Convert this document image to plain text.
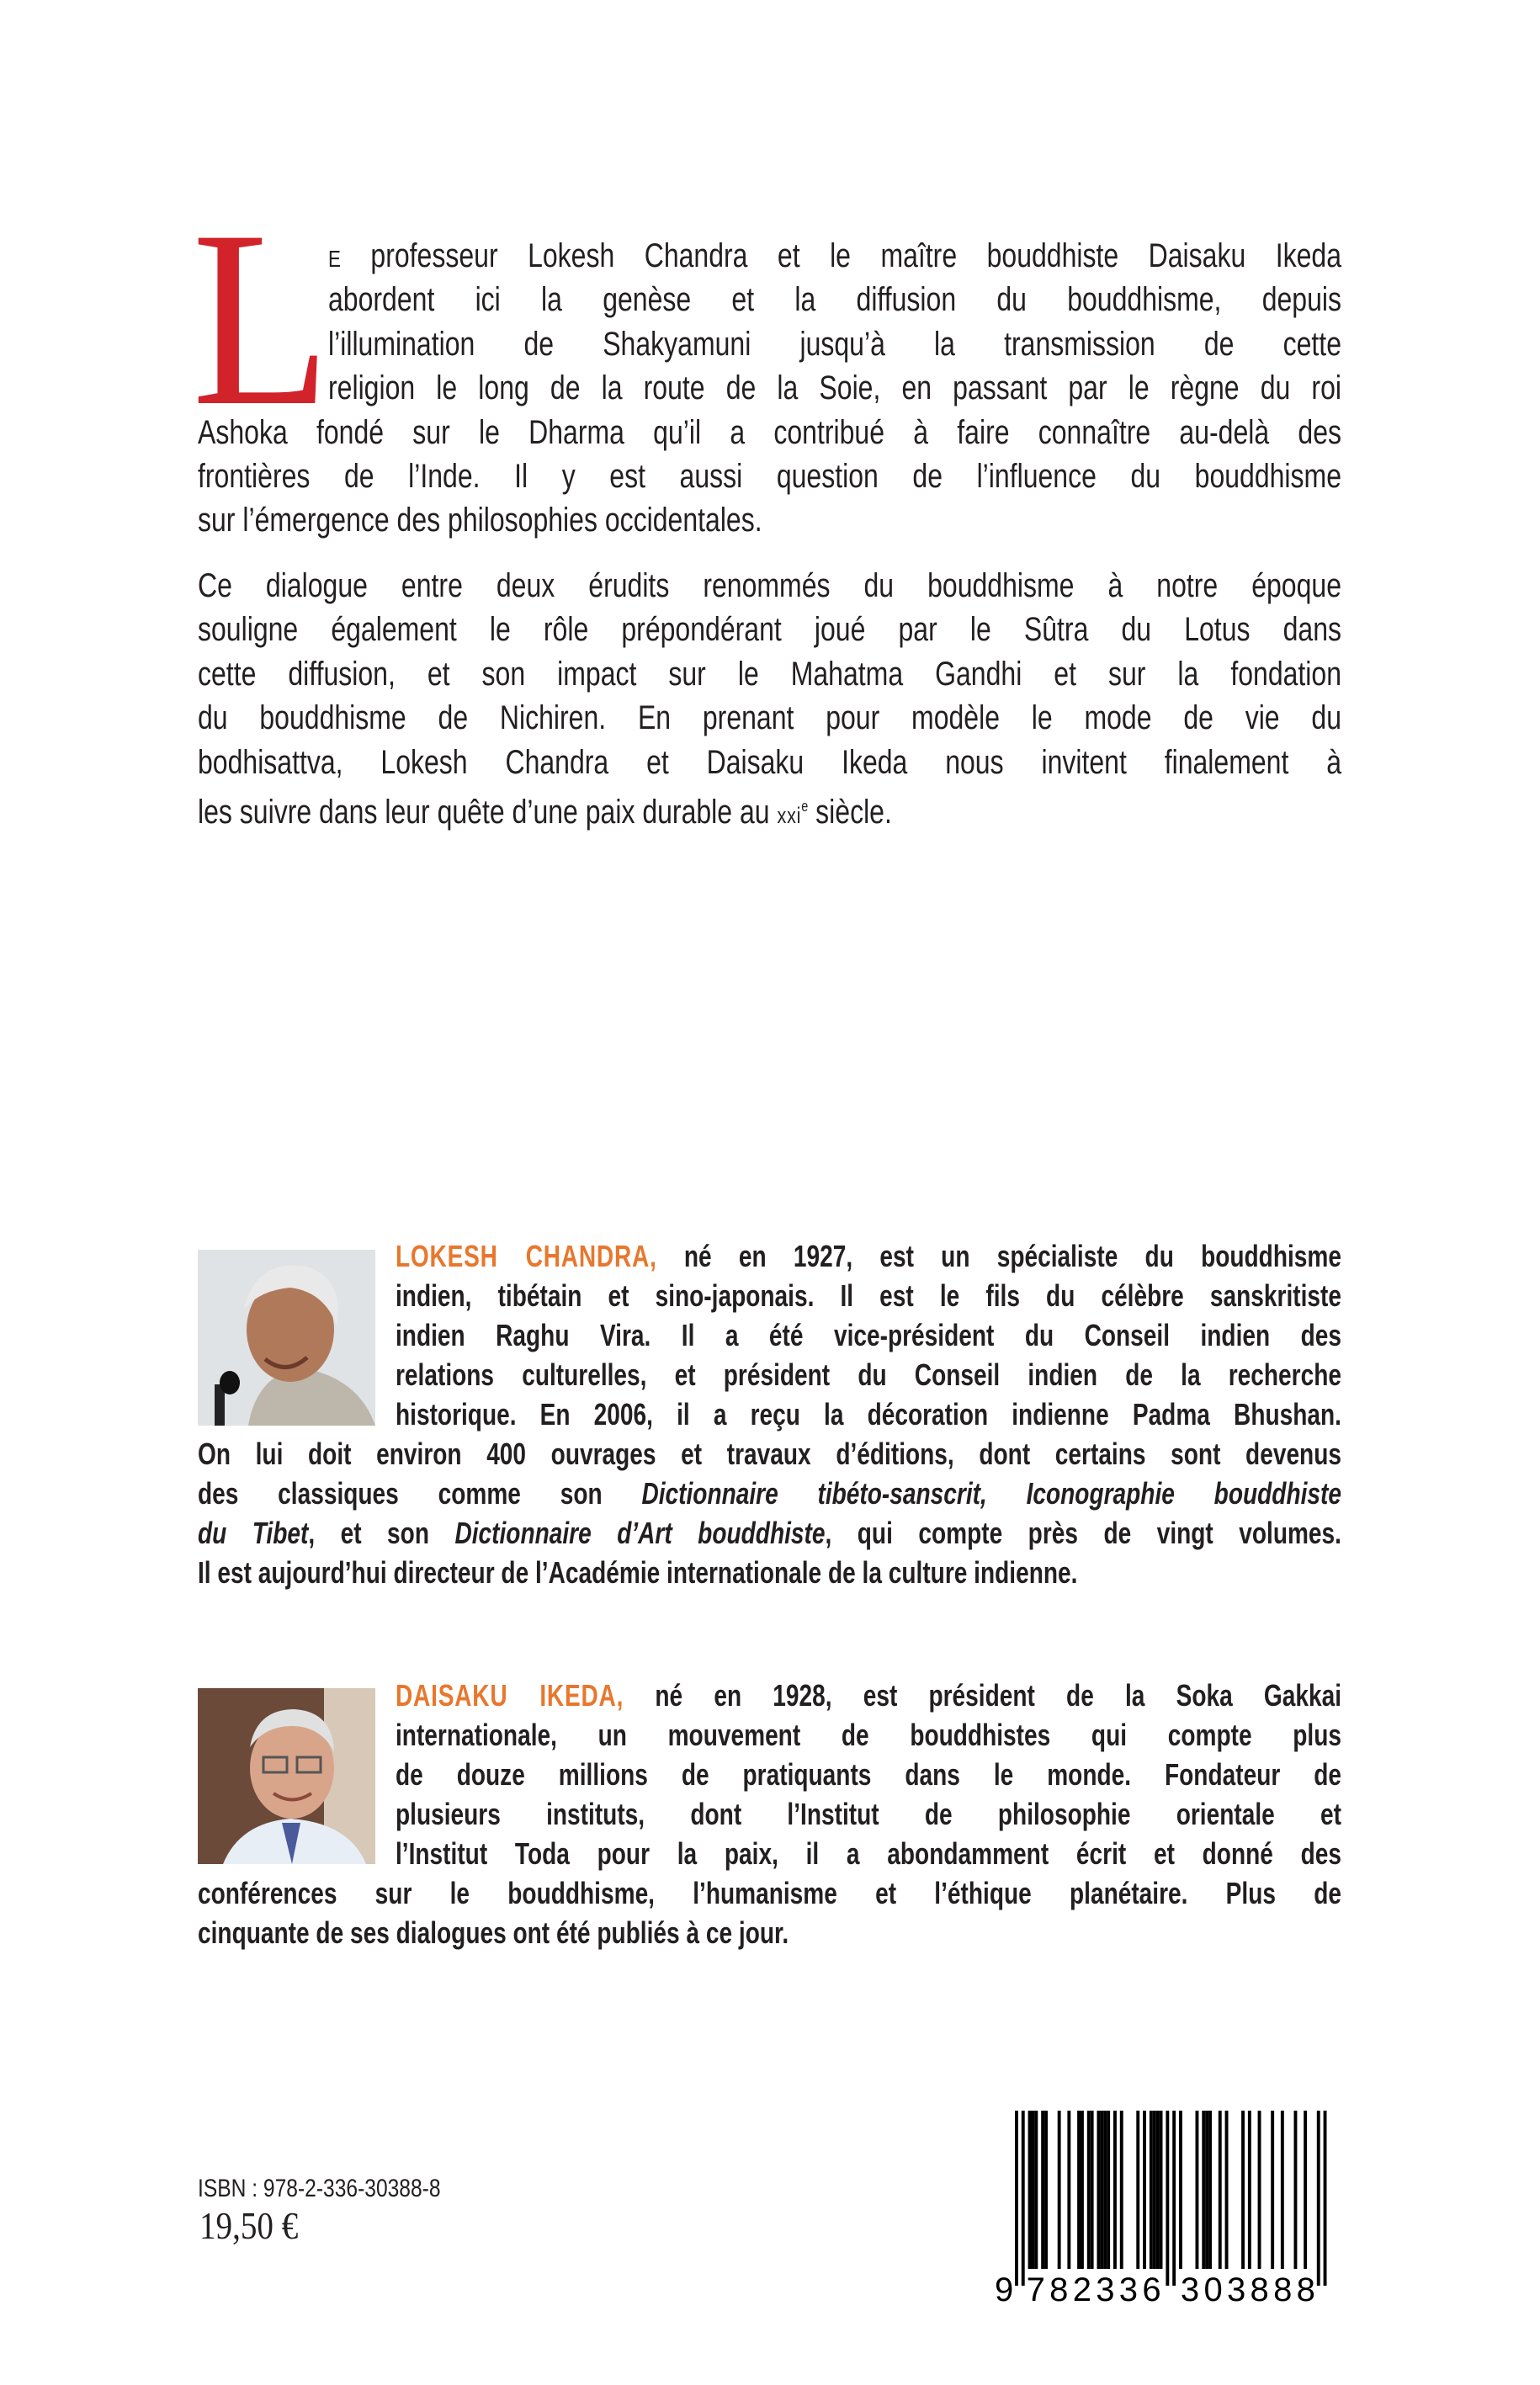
L
E professeur Lokesh Chandra et le maître bouddhiste Daisaku Ikeda
abordent ici la genèse et la diffusion du bouddhisme, depuis
l’illumination de Shakyamuni jusqu’à la transmission de cette
religion le long de la route de la Soie, en passant par le règne du roi
Ashoka fondé sur le Dharma qu’il a contribué à faire connaître au-delà des
frontières de l’Inde. Il y est aussi question de l’influence du bouddhisme
sur l’émergence des philosophies occidentales.
Ce dialogue entre deux érudits renommés du bouddhisme à notre époque
souligne également le rôle prépondérant joué par le Sûtra du Lotus dans
cette diffusion, et son impact sur le Mahatma Gandhi et sur la fondation
du bouddhisme de Nichiren. En prenant pour modèle le mode de vie du
bodhisattva, Lokesh Chandra et Daisaku Ikeda nous invitent finalement à
les suivre dans leur quête d’une paix durable au xxi$^e$ siècle.
LOKESH CHANDRA, né en 1927, est un spécialiste du bouddhisme
indien, tibétain et sino-japonais. Il est le fils du célèbre sanskritiste
indien Raghu Vira. Il a été vice-président du Conseil indien des
relations culturelles, et président du Conseil indien de la recherche
historique. En 2006, il a reçu la décoration indienne Padma Bhushan.
On lui doit environ 400 ouvrages et travaux d’éditions, dont certains sont devenus
des classiques comme son Dictionnaire tibéto-sanscrit, Iconographie bouddhiste
du Tibet, et son Dictionnaire d’Art bouddhiste, qui compte près de vingt volumes.
Il est aujourd’hui directeur de l’Académie internationale de la culture indienne.
DAISAKU IKEDA, né en 1928, est président de la Soka Gakkai
internationale, un mouvement de bouddhistes qui compte plus
de douze millions de pratiquants dans le monde. Fondateur de
plusieurs instituts, dont l’Institut de philosophie orientale et
l’Institut Toda pour la paix, il a abondamment écrit et donné des
conférences sur le bouddhisme, l’humanisme et l’éthique planétaire. Plus de
cinquante de ses dialogues ont été publiés à ce jour.
ISBN : 978-2-336-30388-8
19,50 €
9 782336 303888
